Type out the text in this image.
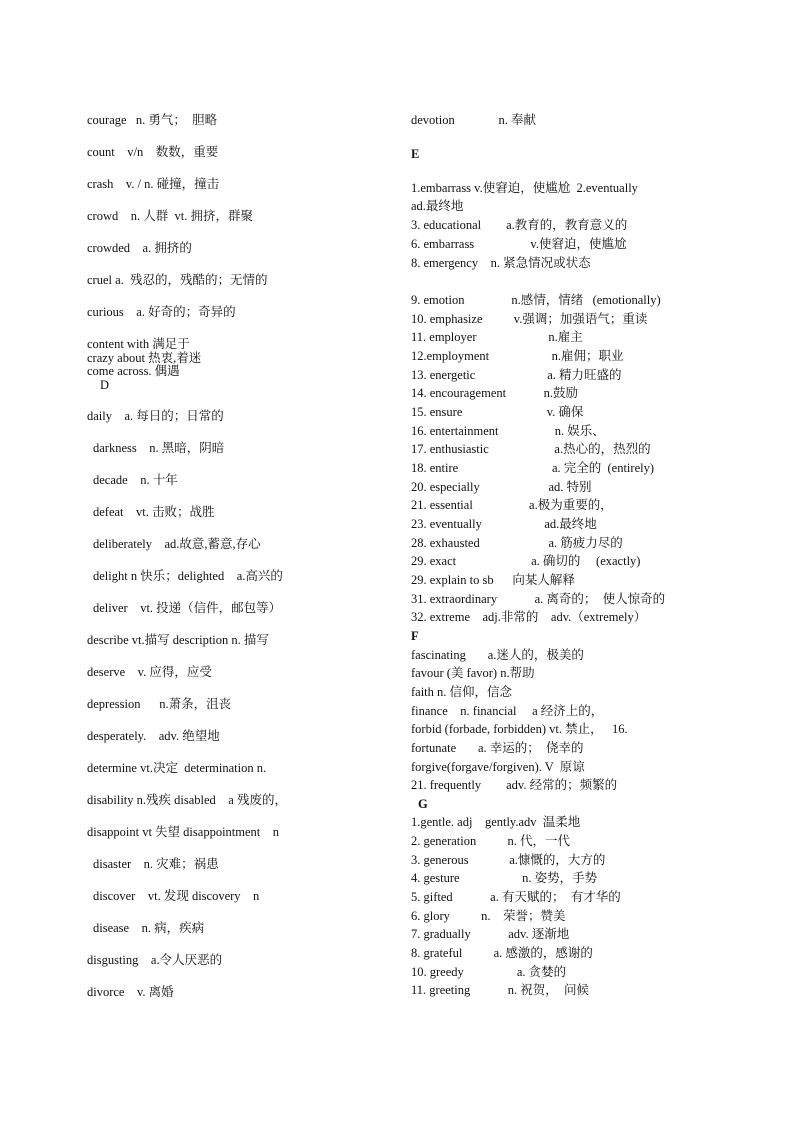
courage   n. 勇气；  胆略
count    v/n    数数，重要
crash    v. / n. 碰撞，撞击
crowd    n. 人群  vt. 拥挤，群聚
crowded    a. 拥挤的
cruel a.  残忍的，残酷的；无情的
curious    a. 好奇的；奇异的
content with 满足于
crazy about 热衷,着迷
come across. 偶遇
D
daily    a. 每日的；日常的
darkness    n. 黑暗，阴暗
decade    n. 十年
defeat    vt. 击败；战胜
deliberately    ad.故意,蓄意,存心
delight n 快乐；delighted    a.高兴的
deliver    vt. 投递（信件，邮包等）
describe vt.描写 description n. 描写
deserve    v. 应得，应受
depression      n.萧条，沮丧
desperately.    adv. 绝望地
determine vt.决定  determination n.
disability n.残疾 disabled    a 残废的，
disappoint vt 失望 disappointment    n
disaster    n. 灾难；祸患
discover    vt. 发现 discovery    n
disease    n. 病，疾病
disgusting    a.令人厌恶的
divorce    v. 离婚
devotion              n. 奉献
E
1.embarrass v.使窘迫，使尴尬  2.eventually
ad.最终地
3. educational        a.教育的，教育意义的
6. embarrass                  v.使窘迫，使尴尬
8. emergency    n. 紧急情况或状态
9. emotion               n.感情，情绪   (emotionally)
10. emphasize          v.强调；加强语气；重读
11. employer                       n.雇主
12.employment                    n.雇佣；职业
13. energetic                       a. 精力旺盛的
14. encouragement            n.鼓励
15. ensure                           v. 确保
16. entertainment                  n. 娱乐、
17. enthusiastic                     a.热心的，热烈的
18. entire                              a. 完全的  (entirely)
20. especially                      ad. 特别
21. essential                  a.极为重要的，
23. eventually                    ad.最终地
28. exhausted                      a. 筋疲力尽的
29. exact                        a. 确切的     (exactly)
29. explain to sb      向某人解释
31. extraordinary            a. 离奇的；  使人惊奇的
32. extreme    adj.非常的    adv.（extremely）
F
fascinating       a.迷人的，极美的
favour (美 favor) n.帮助
faith n. 信仰，信念
finance    n. financial     a 经济上的，
forbid (forbade, forbidden) vt. 禁止，   16.
fortunate       a. 幸运的；  侥幸的
forgive(forgave/forgiven). V  原谅
21. frequently        adv. 经常的；频繁的
G
1.gentle. adj    gently.adv  温柔地
2. generation          n. 代，一代
3. generous             a.慷慨的，大方的
4. gesture                    n. 姿势，手势
5. gifted            a. 有天赋的；  有才华的
6. glory          n.    荣誉；赞美
7. gradually            adv. 逐渐地
8. grateful          a. 感激的，感谢的
10. greedy                 a. 贪婪的
11. greeting            n. 祝贺，  问候
